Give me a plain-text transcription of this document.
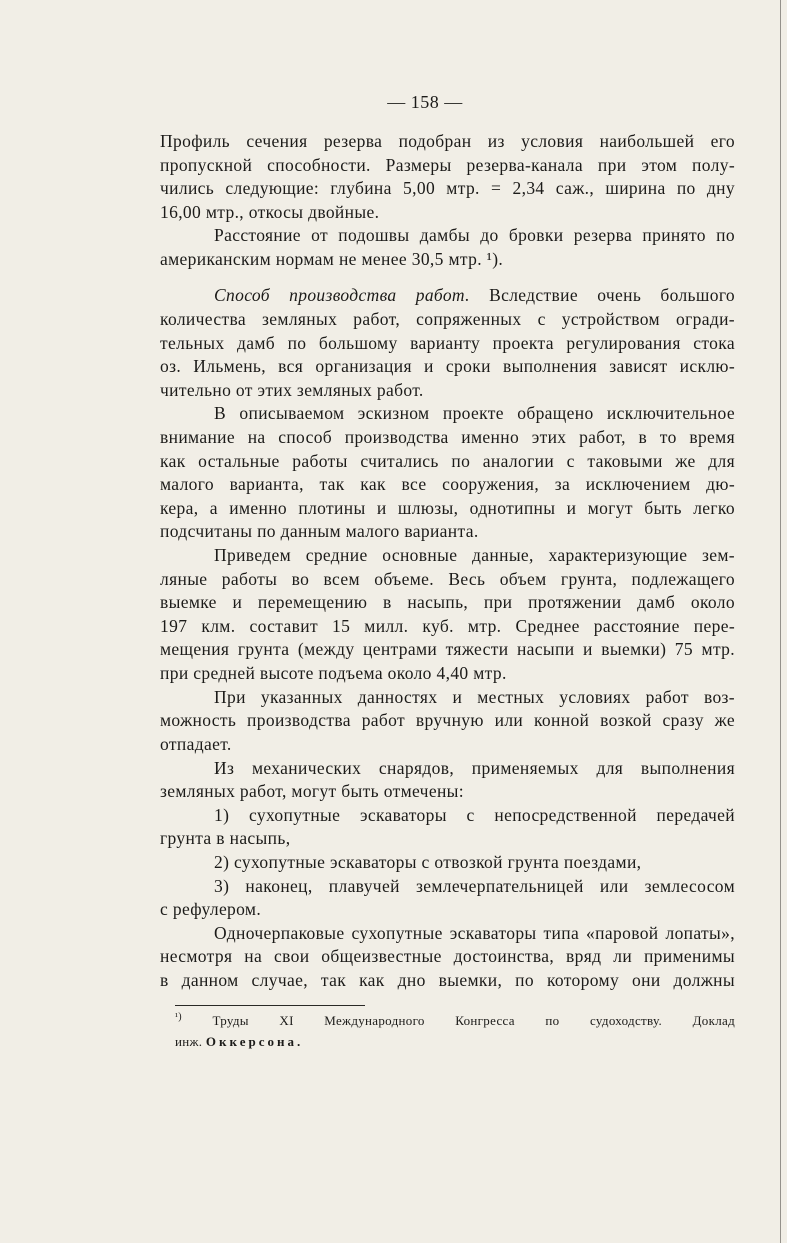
— 158 —
Профиль сечения резерва подобран из условия наибольшей его
пропускной способности. Размеры резерва-канала при этом полу-
чились следующие: глубина 5,00 мтр. = 2,34 саж., ширина по дну
16,00 мтр., откосы двойные.
Расстояние от подошвы дамбы до бровки резерва принято по
американским нормам не менее 30,5 мтр. ¹).
Способ производства работ. Вследствие очень большого
количества земляных работ, сопряженных с устройством огради-
тельных дамб по большому варианту проекта регулирования стока
оз. Ильмень, вся организация и сроки выполнения зависят исклю-
чительно от этих земляных работ.
В описываемом эскизном проекте обращено исключительное
внимание на способ производства именно этих работ, в то время
как остальные работы считались по аналогии с таковыми же для
малого варианта, так как все сооружения, за исключением дю-
кера, а именно плотины и шлюзы, однотипны и могут быть легко
подсчитаны по данным малого варианта.
Приведем средние основные данные, характеризующие зем-
ляные работы во всем объеме. Весь объем грунта, подлежащего
выемке и перемещению в насыпь, при протяжении дамб около
197 клм. составит 15 милл. куб. мтр. Среднее расстояние пере-
мещения грунта (между центрами тяжести насыпи и выемки) 75 мтр.
при средней высоте подъема около 4,40 мтр.
При указанных данностях и местных условиях работ воз-
можность производства работ вручную или конной возкой сразу же
отпадает.
Из механических снарядов, применяемых для выполнения
земляных работ, могут быть отмечены:
1) сухопутные эскаваторы с непосредственной передачей
грунта в насыпь,
2) сухопутные эскаваторы с отвозкой грунта поездами,
3) наконец, плавучей землечерпательницей или землесосом
с рефулером.
Одночерпаковые сухопутные эскаваторы типа «паровой лопаты»,
несмотря на свои общеизвестные достоинства, вряд ли применимы
в данном случае, так как дно выемки, по которому они должны
$^{^1)}$ Труды XI Международного Конгресса по судоходству. Доклад
инж. Оккерсона.
